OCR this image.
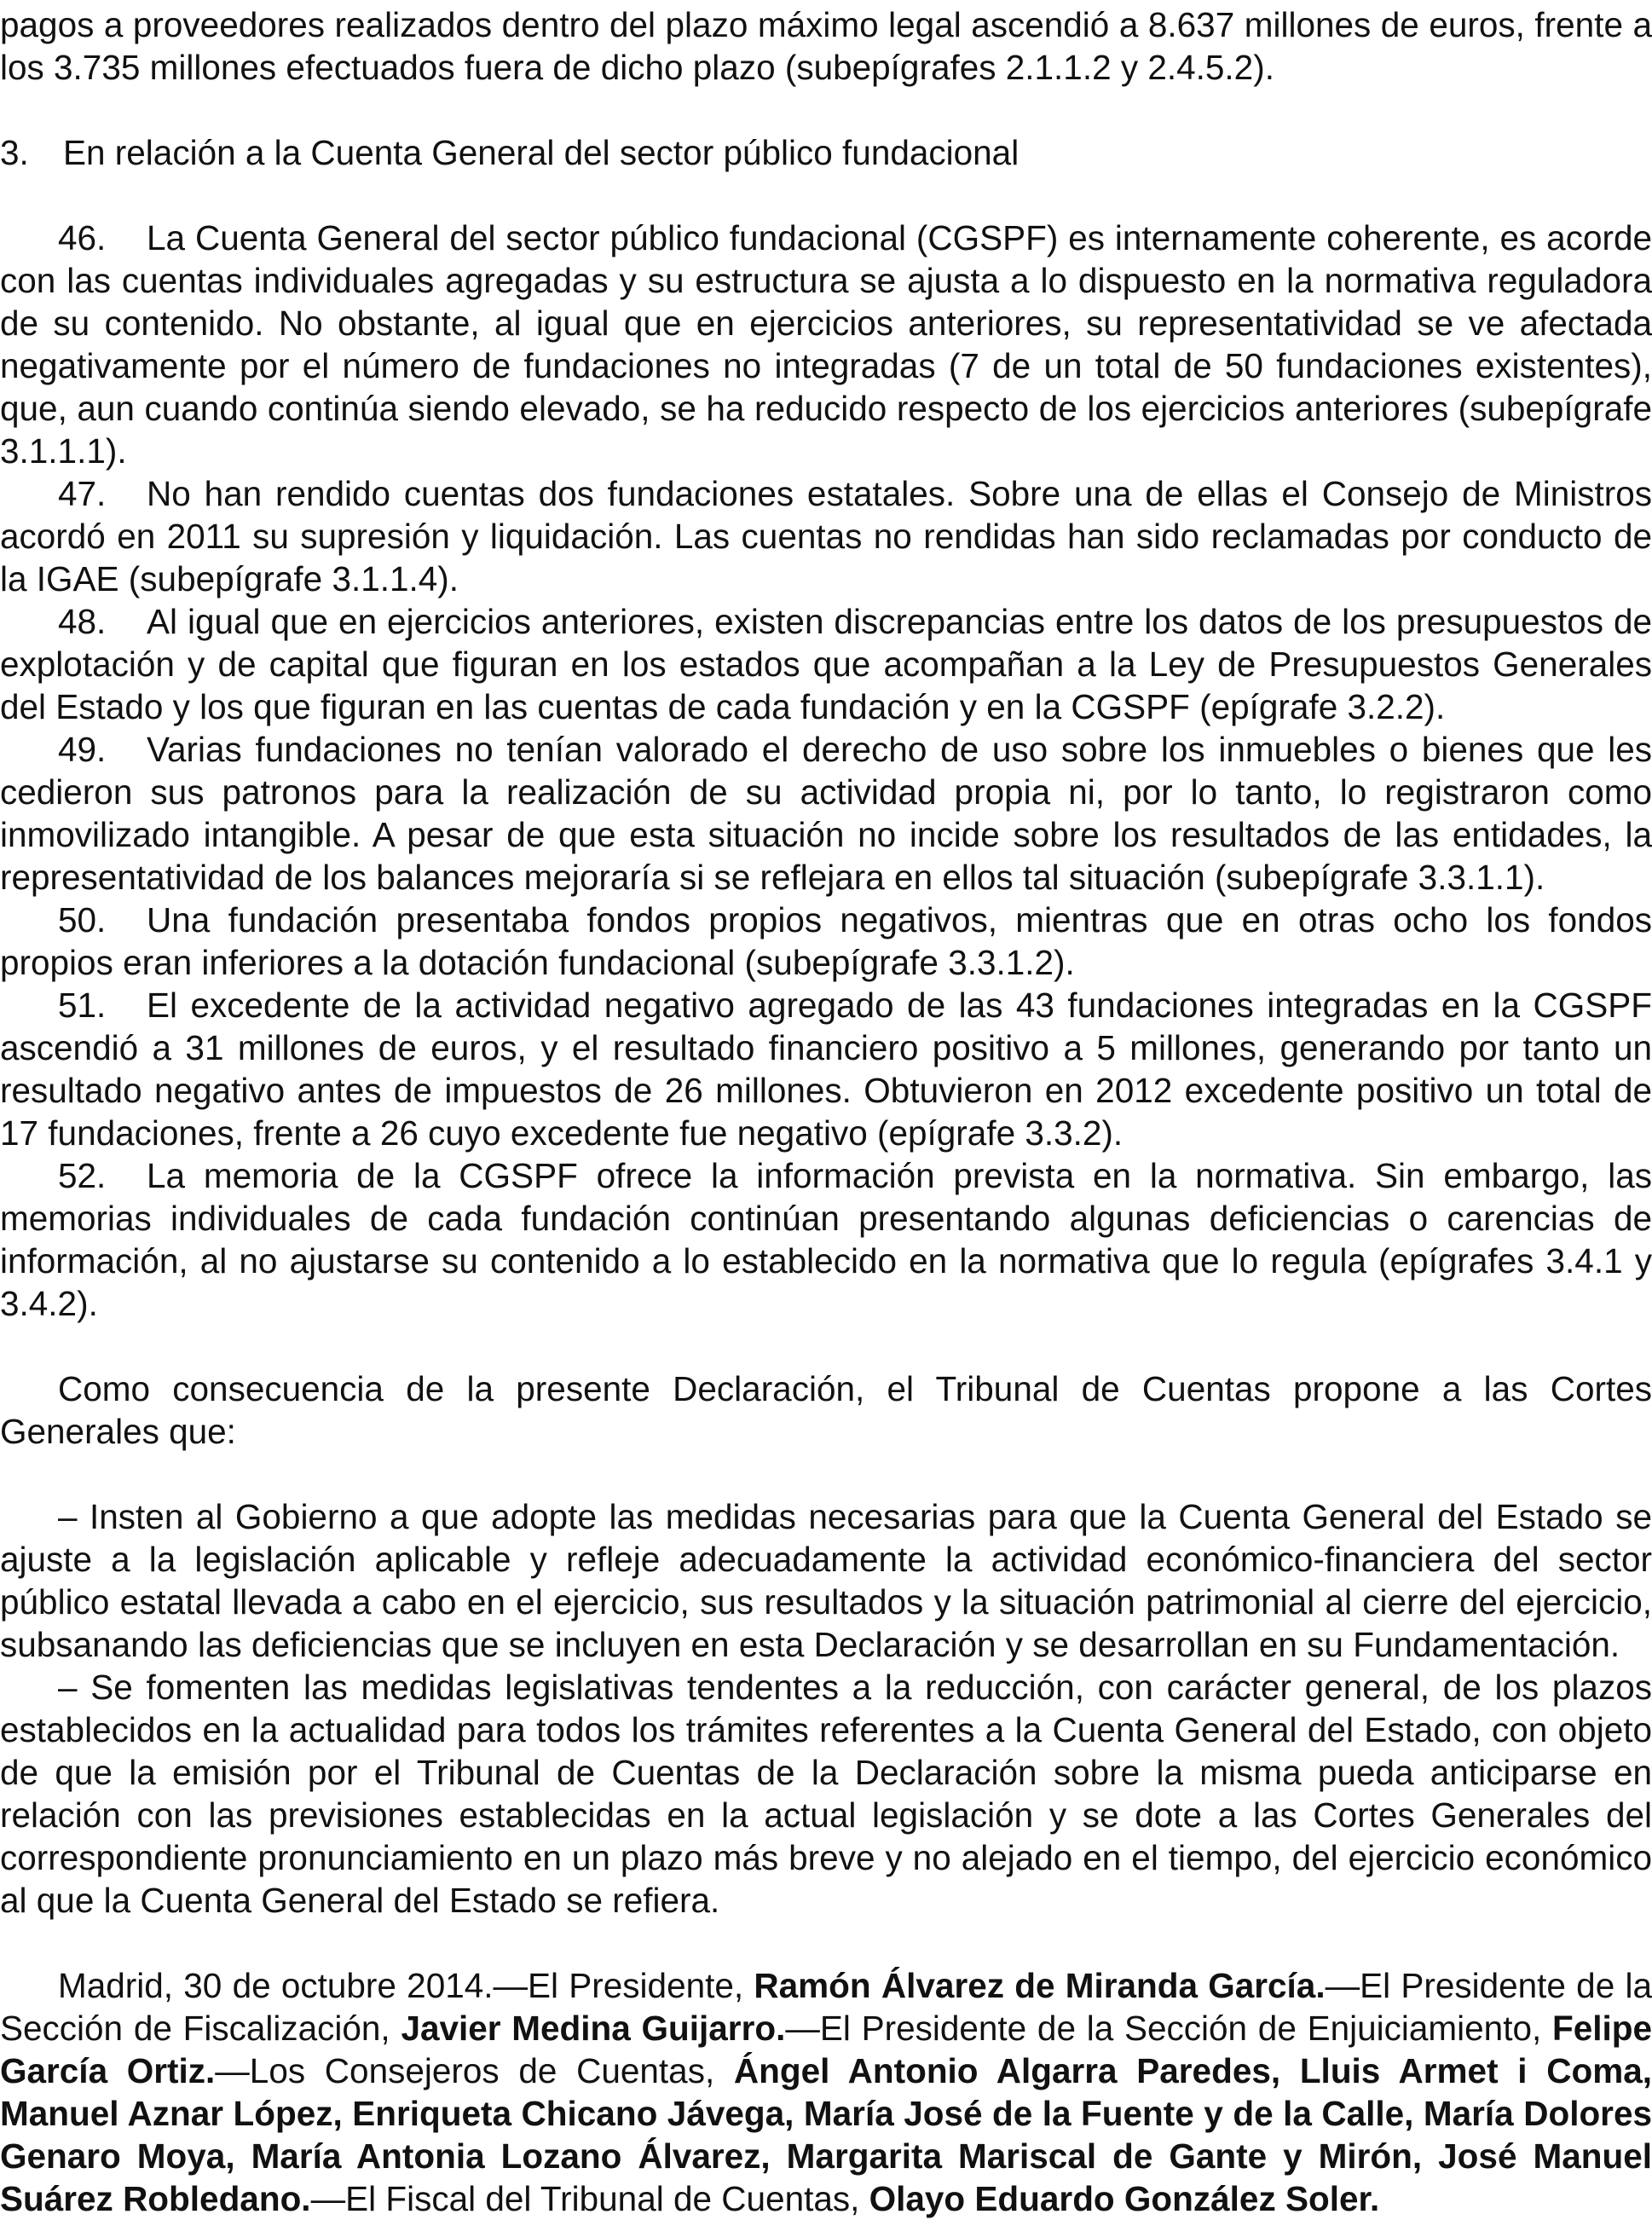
pagos a proveedores realizados dentro del plazo máximo legal ascendió a 8.637 millones de euros, frente a los 3.735 millones efectuados fuera de dicho plazo (subepígrafes 2.1.1.2 y 2.4.5.2).

3. En relación a la Cuenta General del sector público fundacional

46. La Cuenta General del sector público fundacional (CGSPF) es internamente coherente, es acorde con las cuentas individuales agregadas y su estructura se ajusta a lo dispuesto en la normativa reguladora de su contenido. No obstante, al igual que en ejercicios anteriores, su representatividad se ve afectada negativamente por el número de fundaciones no integradas (7 de un total de 50 fundaciones existentes), que, aun cuando continúa siendo elevado, se ha reducido respecto de los ejercicios anteriores (subepígrafe 3.1.1.1).

47. No han rendido cuentas dos fundaciones estatales. Sobre una de ellas el Consejo de Ministros acordó en 2011 su supresión y liquidación. Las cuentas no rendidas han sido reclamadas por conducto de la IGAE (subepígrafe 3.1.1.4).

48. Al igual que en ejercicios anteriores, existen discrepancias entre los datos de los presupuestos de explotación y de capital que figuran en los estados que acompañan a la Ley de Presupuestos Generales del Estado y los que figuran en las cuentas de cada fundación y en la CGSPF (epígrafe 3.2.2).

49. Varias fundaciones no tenían valorado el derecho de uso sobre los inmuebles o bienes que les cedieron sus patronos para la realización de su actividad propia ni, por lo tanto, lo registraron como inmovilizado intangible. A pesar de que esta situación no incide sobre los resultados de las entidades, la representatividad de los balances mejoraría si se reflejara en ellos tal situación (subepígrafe 3.3.1.1).

50. Una fundación presentaba fondos propios negativos, mientras que en otras ocho los fondos propios eran inferiores a la dotación fundacional (subepígrafe 3.3.1.2).

51. El excedente de la actividad negativo agregado de las 43 fundaciones integradas en la CGSPF ascendió a 31 millones de euros, y el resultado financiero positivo a 5 millones, generando por tanto un resultado negativo antes de impuestos de 26 millones. Obtuvieron en 2012 excedente positivo un total de 17 fundaciones, frente a 26 cuyo excedente fue negativo (epígrafe 3.3.2).

52. La memoria de la CGSPF ofrece la información prevista en la normativa. Sin embargo, las memorias individuales de cada fundación continúan presentando algunas deficiencias o carencias de información, al no ajustarse su contenido a lo establecido en la normativa que lo regula (epígrafes 3.4.1 y 3.4.2).

Como consecuencia de la presente Declaración, el Tribunal de Cuentas propone a las Cortes Generales que:

– Insten al Gobierno a que adopte las medidas necesarias para que la Cuenta General del Estado se ajuste a la legislación aplicable y refleje adecuadamente la actividad económico-financiera del sector público estatal llevada a cabo en el ejercicio, sus resultados y la situación patrimonial al cierre del ejercicio, subsanando las deficiencias que se incluyen en esta Declaración y se desarrollan en su Fundamentación.

– Se fomenten las medidas legislativas tendentes a la reducción, con carácter general, de los plazos establecidos en la actualidad para todos los trámites referentes a la Cuenta General del Estado, con objeto de que la emisión por el Tribunal de Cuentas de la Declaración sobre la misma pueda anticiparse en relación con las previsiones establecidas en la actual legislación y se dote a las Cortes Generales del correspondiente pronunciamiento en un plazo más breve y no alejado en el tiempo, del ejercicio económico al que la Cuenta General del Estado se refiera.

Madrid, 30 de octubre 2014.—El Presidente, Ramón Álvarez de Miranda García.—El Presidente de la Sección de Fiscalización, Javier Medina Guijarro.—El Presidente de la Sección de Enjuiciamiento, Felipe García Ortiz.—Los Consejeros de Cuentas, Ángel Antonio Algarra Paredes, Lluis Armet i Coma, Manuel Aznar López, Enriqueta Chicano Jávega, María José de la Fuente y de la Calle, María Dolores Genaro Moya, María Antonia Lozano Álvarez, Margarita Mariscal de Gante y Mirón, José Manuel Suárez Robledano.—El Fiscal del Tribunal de Cuentas, Olayo Eduardo González Soler.
